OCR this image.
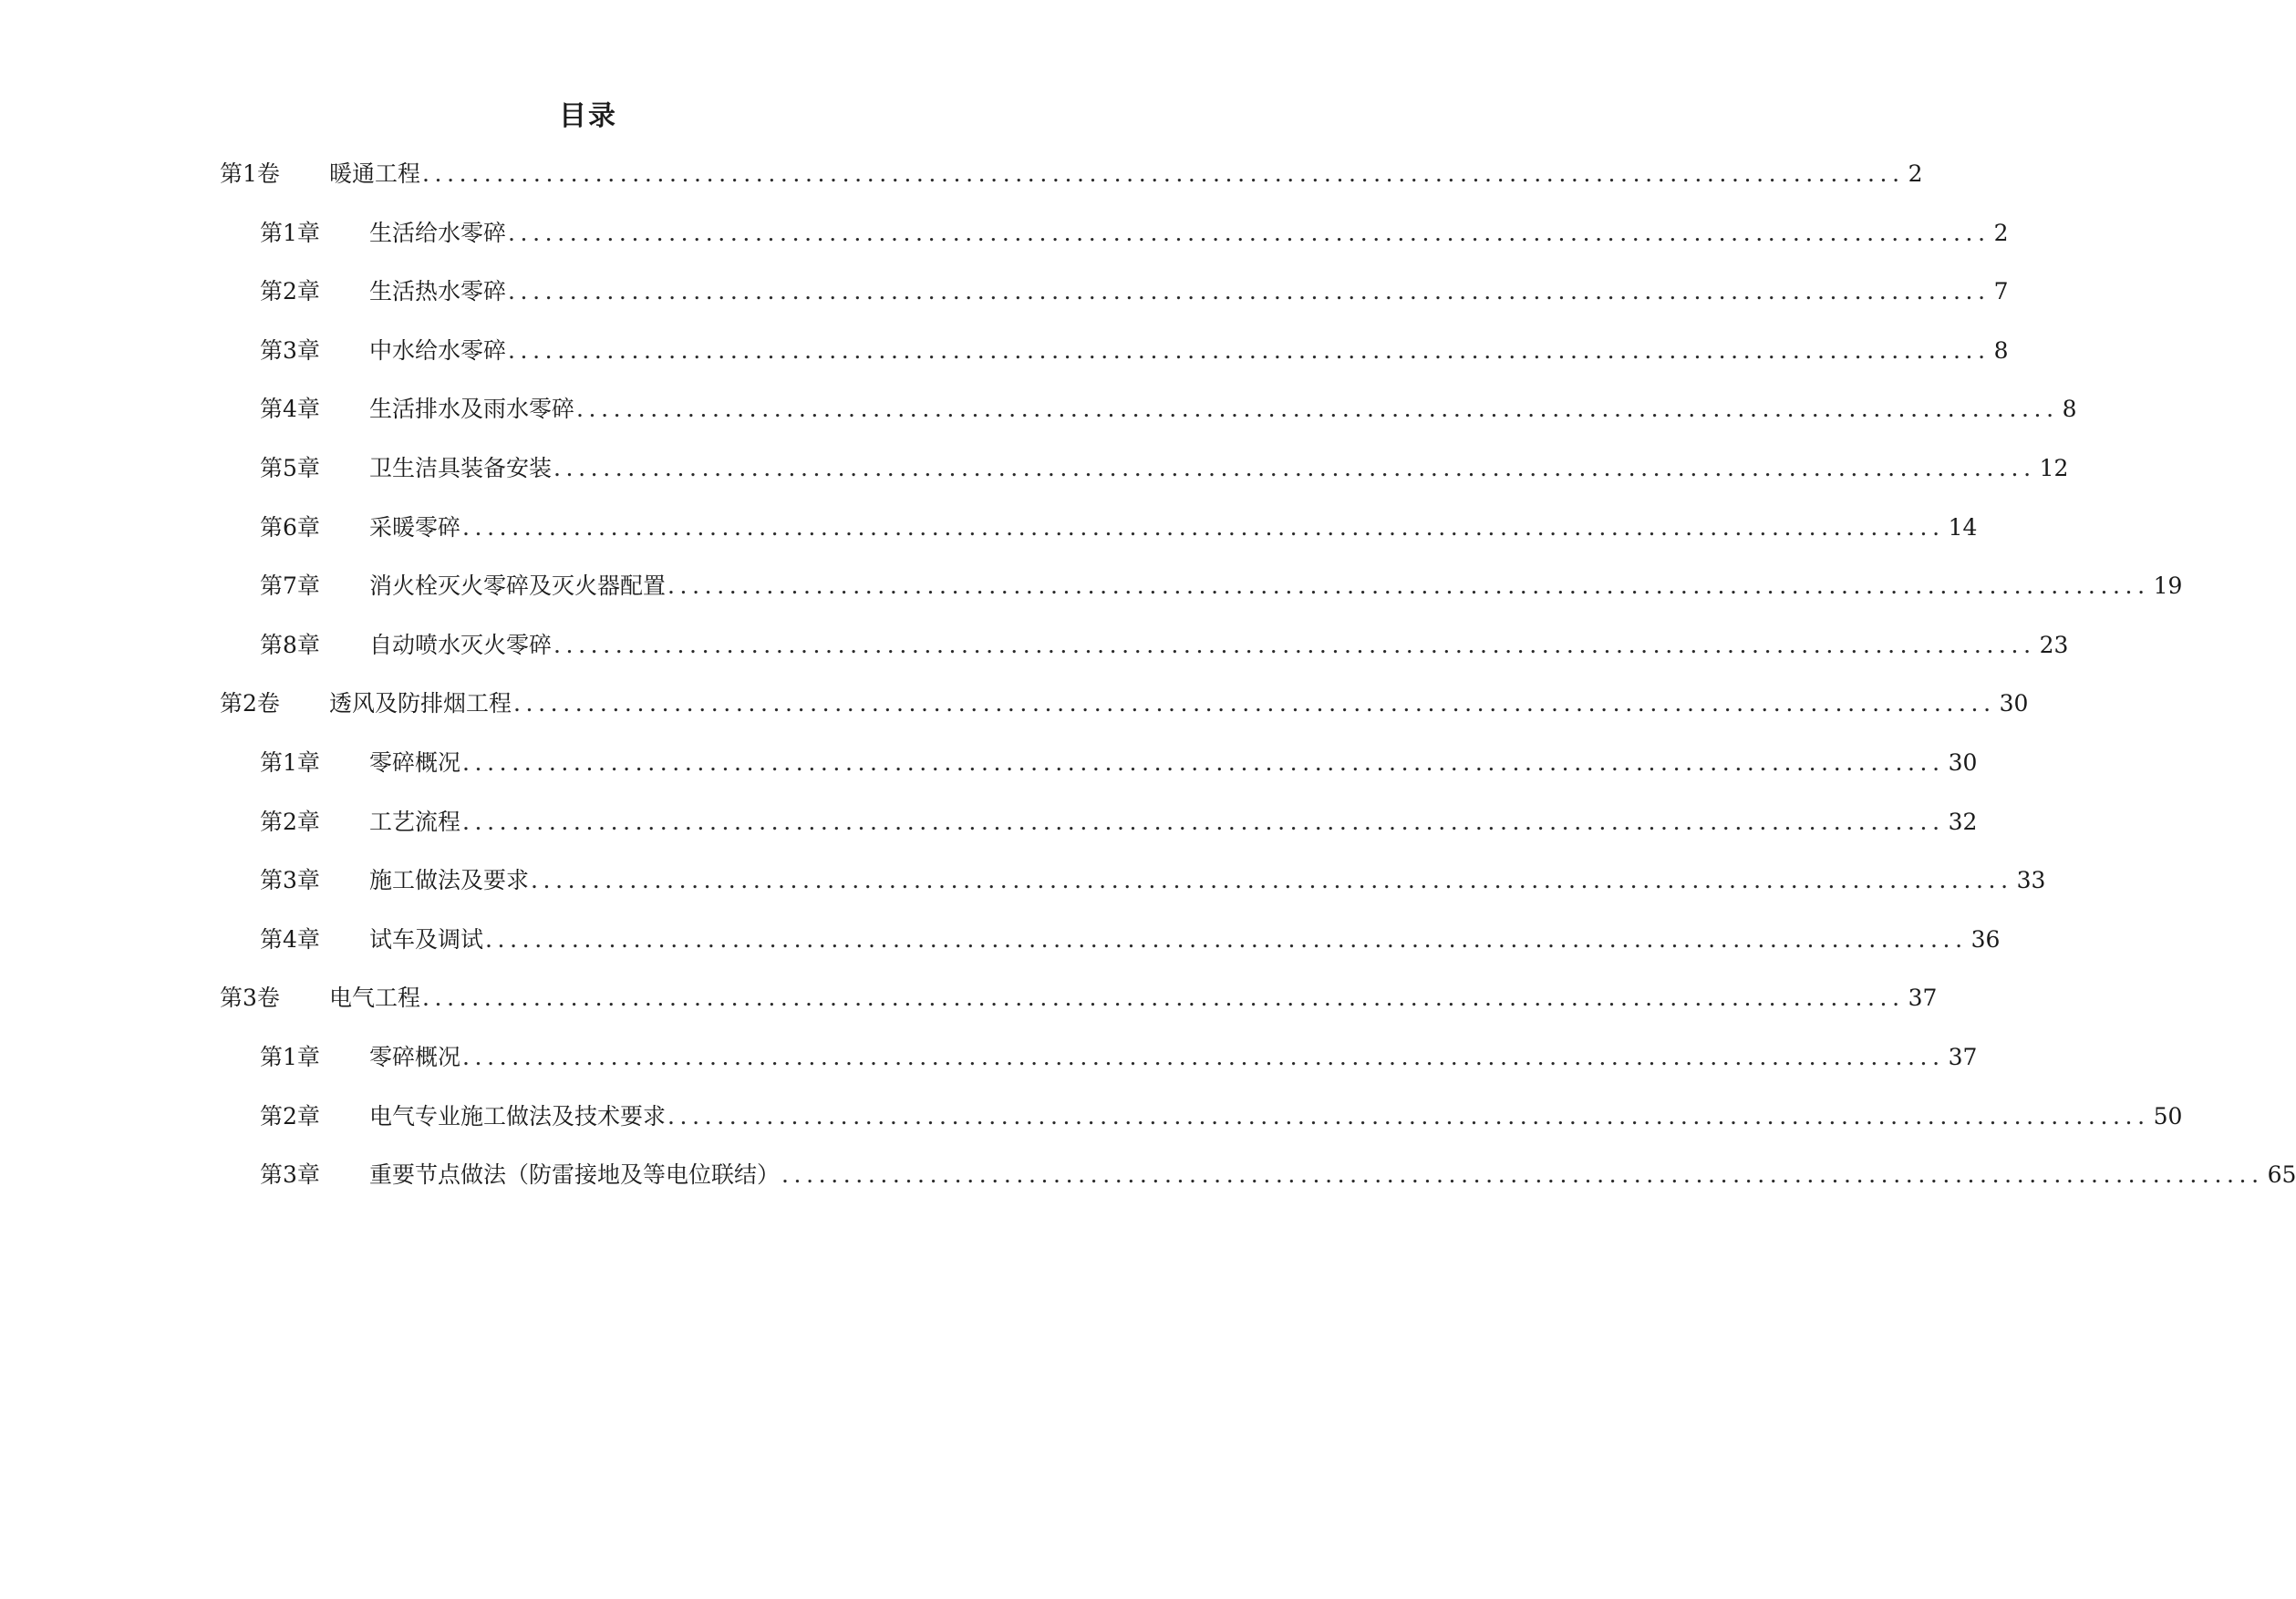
目录
第1卷	暖通工程 ........................................................................................................................ 2
第1章	生活给水零碎 ........................................................................................................................ 2
第2章	生活热水零碎 ........................................................................................................................ 7
第3章	中水给水零碎 ........................................................................................................................ 8
第4章	生活排水及雨水零碎 ........................................................................................................................ 8
第5章	卫生洁具装备安装 ........................................................................................................................ 12
第6章	采暖零碎 ........................................................................................................................ 14
第7章	消火栓灭火零碎及灭火器配置 ........................................................................................................................ 19
第8章	自动喷水灭火零碎 ........................................................................................................................ 23
第2卷	透风及防排烟工程 ........................................................................................................................ 30
第1章	零碎概况 ........................................................................................................................ 30
第2章	工艺流程 ........................................................................................................................ 32
第3章	施工做法及要求 ........................................................................................................................ 33
第4章	试车及调试 ........................................................................................................................ 36
第3卷	电气工程 ........................................................................................................................ 37
第1章	零碎概况 ........................................................................................................................ 37
第2章	电气专业施工做法及技术要求 ........................................................................................................................ 50
第3章	重要节点做法（防雷接地及等电位联结） ........................................................................................................................ 65
